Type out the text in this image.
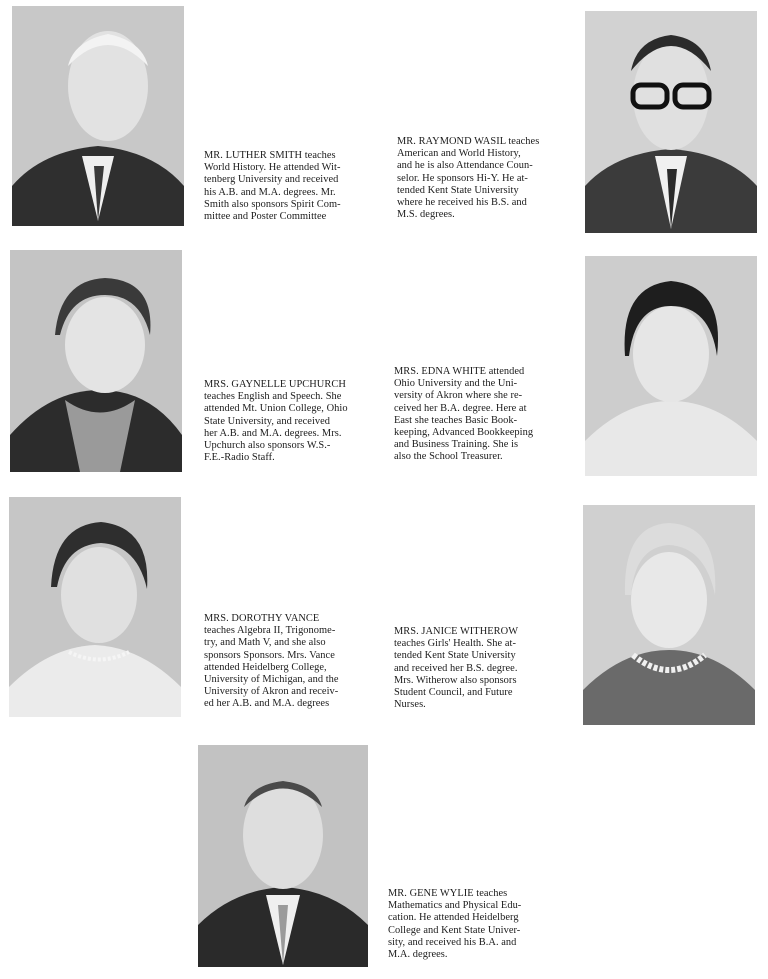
MR. LUTHER SMITH teaches
World History. He attended Wit-
tenberg University and received
his A.B. and M.A. degrees. Mr.
Smith also sponsors Spirit Com-
mittee and Poster Committee

MR. RAYMOND WASIL teaches
American and World History,
and he is also Attendance Coun-
selor. He sponsors Hi-Y. He at-
tended Kent State University
where he received his B.S. and
M.S. degrees.

MRS. GAYNELLE UPCHURCH
teaches English and Speech. She
attended Mt. Union College, Ohio
State University, and received
her A.B. and M.A. degrees. Mrs.
Upchurch also sponsors W.S.-
F.E.-Radio Staff.

MRS. EDNA WHITE attended
Ohio University and the Uni-
versity of Akron where she re-
ceived her B.A. degree. Here at
East she teaches Basic Book-
keeping, Advanced Bookkeeping
and Business Training. She is
also the School Treasurer.

MRS. DOROTHY VANCE
teaches Algebra II, Trigonome-
try, and Math V, and she also
sponsors Sponsors. Mrs. Vance
attended Heidelberg College,
University of Michigan, and the
University of Akron and receiv-
ed her A.B. and M.A. degrees

MRS. JANICE WITHEROW
teaches Girls' Health. She at-
tended Kent State University
and received her B.S. degree.
Mrs. Witherow also sponsors
Student Council, and Future
Nurses.

MR. GENE WYLIE teaches
Mathematics and Physical Edu-
cation. He attended Heidelberg
College and Kent State Univer-
sity, and received his B.A. and
M.A. degrees.
